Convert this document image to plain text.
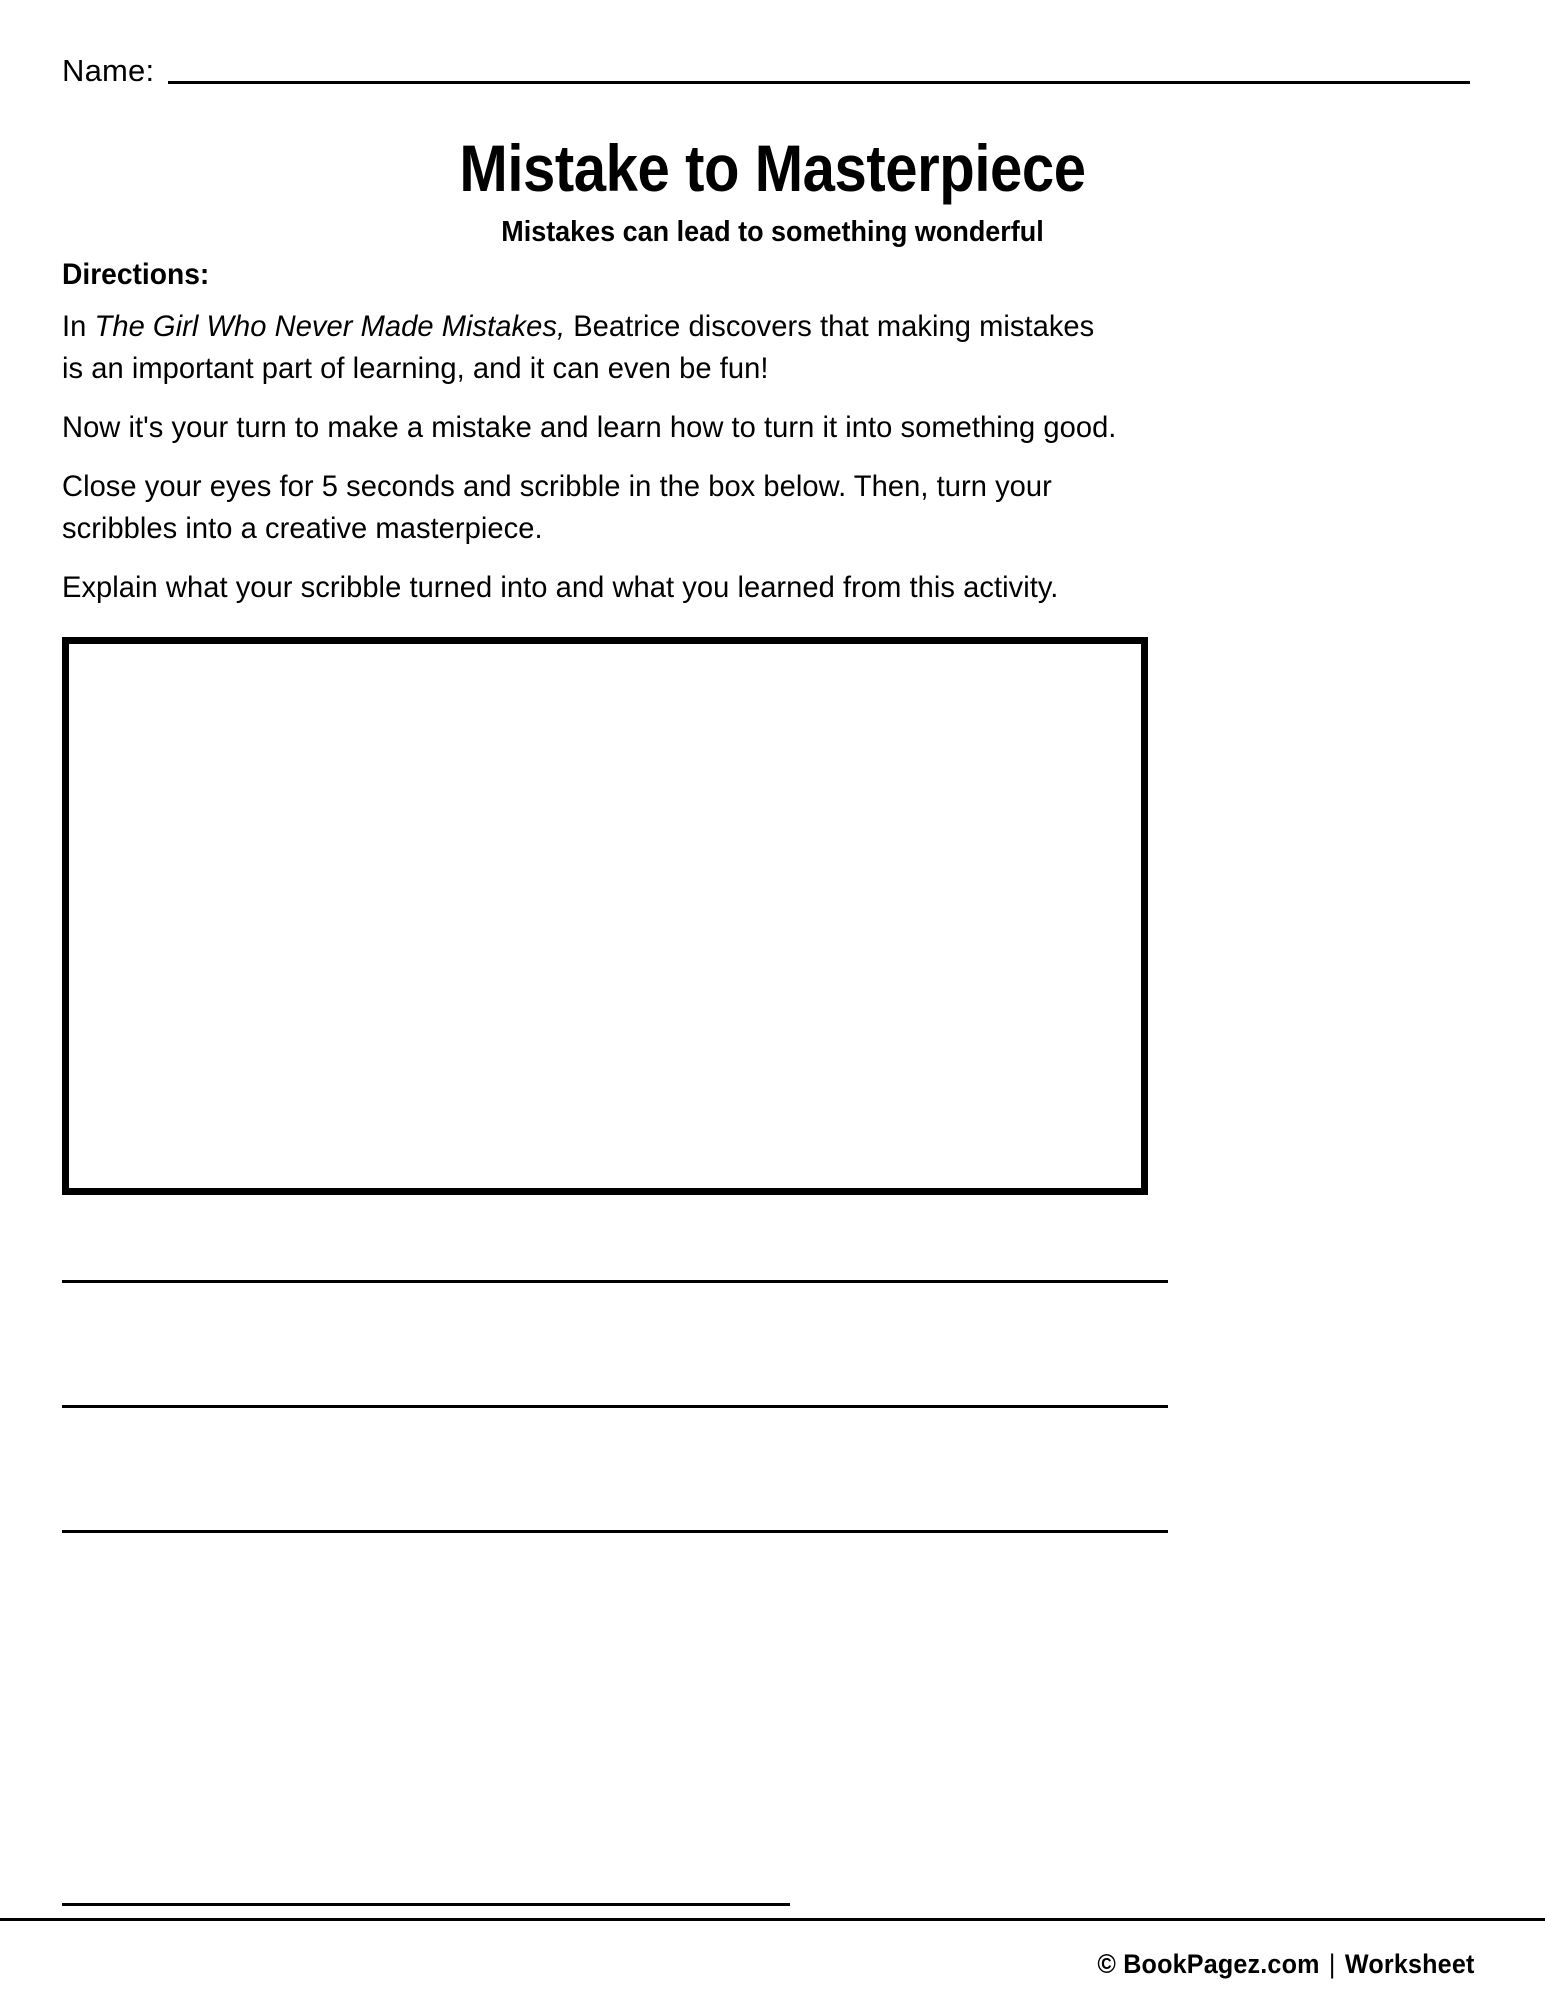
Name:
Mistake to Masterpiece
Mistakes can lead to something wonderful
Directions:

In The Girl Who Never Made Mistakes, Beatrice discovers that making mistakes is an important part of learning, and it can even be fun!

Now it's your turn to make a mistake and learn how to turn it into something good.

Close your eyes for 5 seconds and scribble in the box below. Then, turn your scribbles into a creative masterpiece.

Explain what your scribble turned into and what you learned from this activity.

© BookPagez.com | Worksheet
